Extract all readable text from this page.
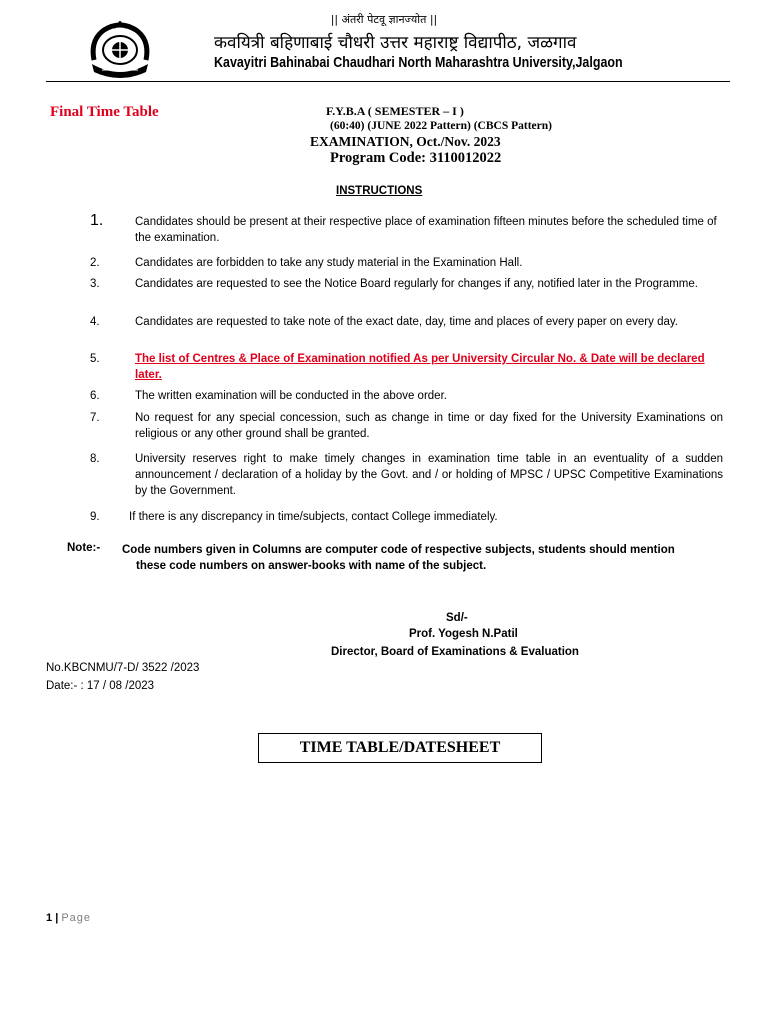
|| अंतरी पेटवू ज्ञानज्योत ||
कवयित्री बहिणाबाई चौधरी उत्तर महाराष्ट्र विद्यापीठ, जळगाव
Kavayitri Bahinabai Chaudhari North Maharashtra University,Jalgaon
Final Time Table	F.Y.B.A ( SEMESTER – I )
(60:40) (JUNE 2022 Pattern) (CBCS Pattern)
EXAMINATION, Oct./Nov. 2023
Program Code: 3110012022
INSTRUCTIONS
1.	Candidates should be present at their respective place of examination fifteen minutes before the scheduled time of the examination.
2.	Candidates are forbidden to take any study material in the Examination Hall.
3.	Candidates are requested to see the Notice Board regularly for changes if any, notified later in the Programme.
4.	Candidates are requested to take note of the exact date, day, time and places of every paper on every day.
5.	The list of Centres & Place of Examination notified As per University Circular No. & Date will be declared later.
6.	The written examination will be conducted in the above order.
7.	No request for any special concession, such as change in time or day fixed for the University Examinations on religious or any other ground shall be granted.
8.	University reserves right to make timely changes in examination time table in an eventuality of a sudden announcement / declaration of a holiday by the Govt. and / or holding of MPSC / UPSC Competitive Examinations by the Government.
9.	If there is any discrepancy in time/subjects, contact College immediately.
Note:- Code numbers given in Columns are computer code of respective subjects, students should mention
these code numbers on answer-books with name of the subject.
Sd/-
Prof. Yogesh N.Patil
Director, Board of Examinations & Evaluation
No.KBCNMU/7-D/ 3522 /2023
Date:- : 17 / 08 /2023
TIME TABLE/DATESHEET
1 | Page
